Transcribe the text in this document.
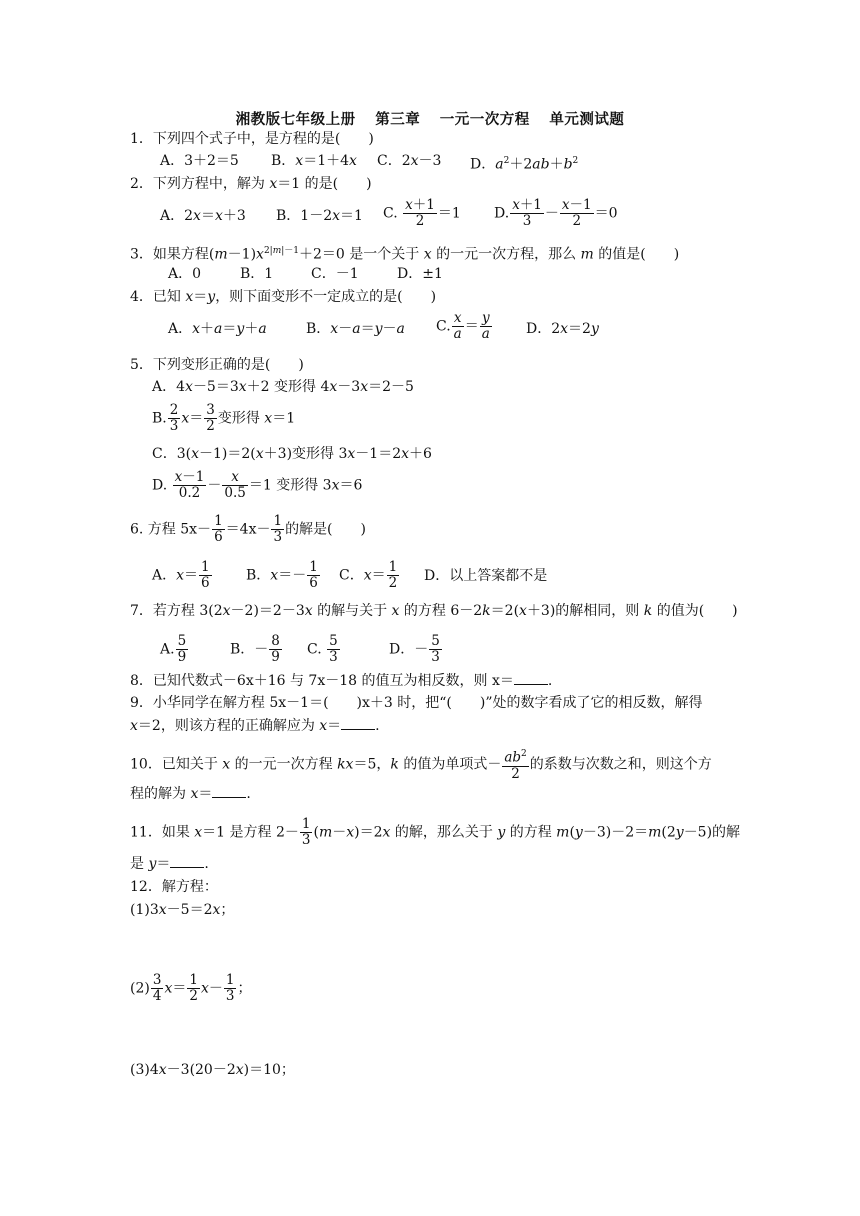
湘教版七年级上册 第三章 一元一次方程 单元测试题
1．下列四个式子中，是方程的是(　　)
A．3＋2＝5 B．x＝1＋4x C．2x－3 D．$a^2+2ab+b^2$
2．下列方程中，解为 x＝1 的是(　　)
A．2x＝x＋3 B．1－2x＝1 C. $\frac{x+1}{2} =1$ D. $\frac{x+1}{3} - \frac{x-1}{2} =0$
3．如果方程$(m-1)x^{2|m|-1}+2=0$ 是一个关于 x 的一元一次方程，那么 m 的值是(　　)
A．0	B．1	C．－1	D．±1
4．已知 x＝y，则下面变形不一定成立的是(　　)
A．x＋a＝y＋a	B．x－a＝y－a C. $\frac{x}{a} = \frac{y}{a}$ D．2x＝2y
5．下列变形正确的是(　　)
A．4x－5＝3x＋2 变形得 4x－3x＝2－5
B. $\frac{2}{3} x= \frac{3}{2}$ 变形得 x＝1
C．3(x－1)＝2(x＋3)变形得 3x－1＝2x＋6
D. $\frac{x-1}{0.2} - \frac{x}{0.5} =1$ 变形得 3x＝6
6. 方程 $5x- \frac{1}{6} =4x- \frac{1}{3}$ 的解是(　　)
A．$x= \frac{1}{6}$ B．$x=- \frac{1}{6}$ C．$x= \frac{1}{2}$ D．以上答案都不是
7．若方程 3(2x－2)＝2－3x 的解与关于 x 的方程 6－2k＝2(x＋3)的解相同，则 k 的值为(　　)
A. $\frac{5}{9}$	B．－ $\frac{8}{9} C$. $\frac{5}{3}$	D．－ $\frac{5}{3}$
8．已知代数式－6x＋16 与 7x－18 的值互为相反数，则 x＝ .
9．小华同学在解方程 5x－1＝(　　)x＋3 时，把“(　　)”处的数字看成了它的相反数，解得
x＝2，则该方程的正确解应为 x＝ .
10．已知关于 x 的一元一次方程 kx＝5，k 的值为单项式－ $\frac{ab^2}{2}$ 的系数与次数之和，则这个方
程的解为 x＝ .
11．如果 x＝1 是方程 $2- \frac{1}{3} (m-x)=2x$ 的解，那么关于 y 的方程 m(y－3)－2＝m(2y－5)的解
是 y＝ .
12．解方程：
(1)3x－5＝2x；
$(2) \frac{3}{4} x= \frac{1}{2} x- \frac{1}{3}$ ；
(3)4x－3(20－2x)＝10；
